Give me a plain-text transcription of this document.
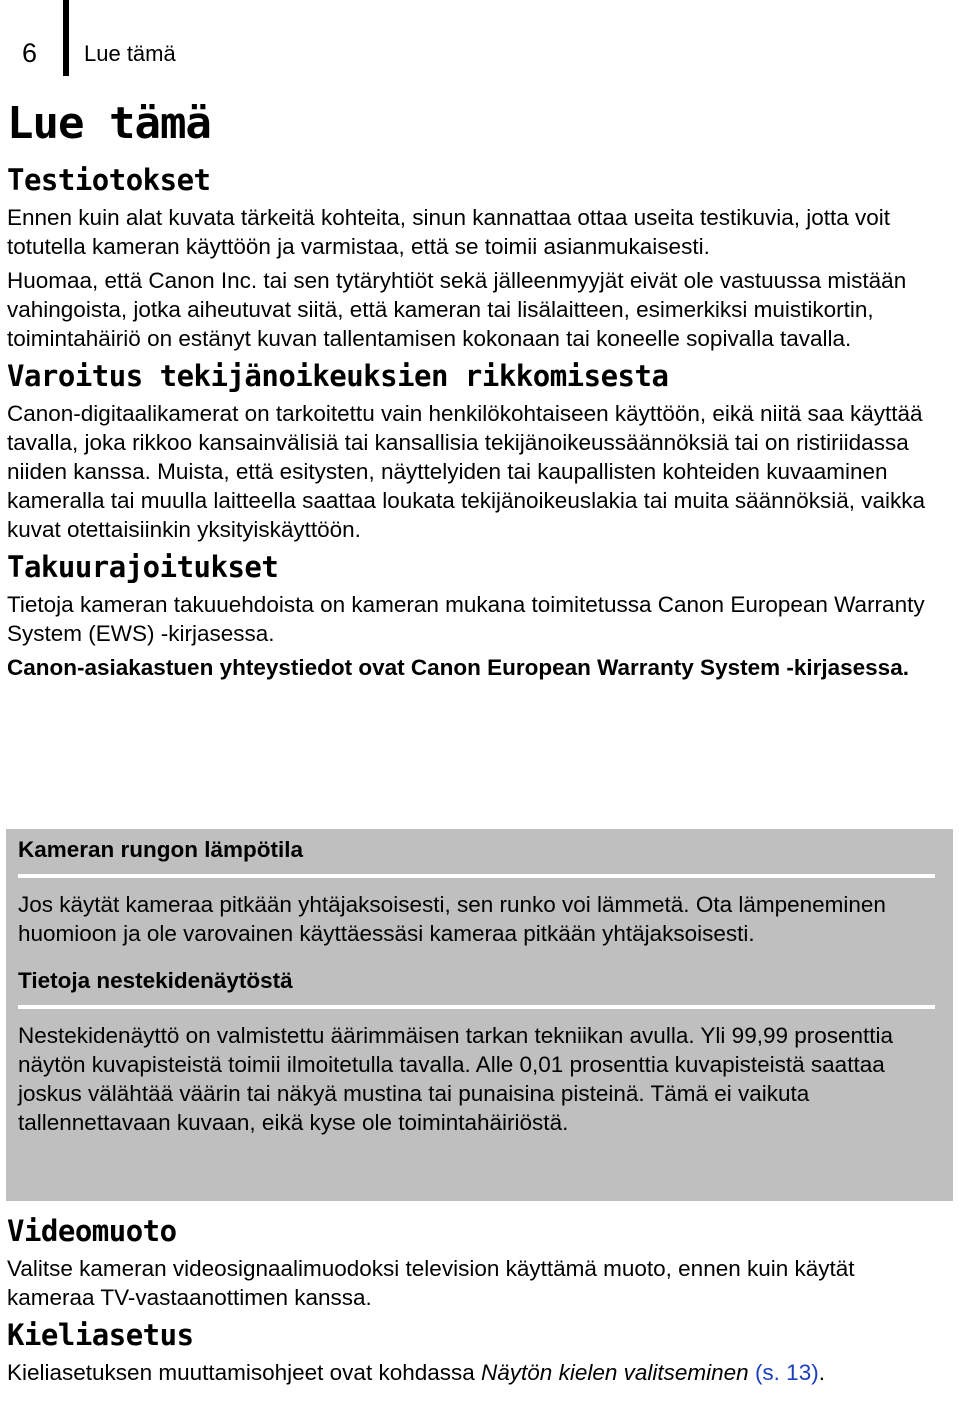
6 Lue tämä
Lue tämä
Testiotokset

Ennen kuin alat kuvata tärkeitä kohteita, sinun kannattaa ottaa useita testikuvia, jotta voit totutella kameran käyttöön ja varmistaa, että se toimii asianmukaisesti.

Huomaa, että Canon Inc. tai sen tytäryhtiöt sekä jälleenmyyjät eivät ole vastuussa mistään vahingoista, jotka aiheutuvat siitä, että kameran tai lisälaitteen, esimerkiksi muistikortin, toimintahäiriö on estänyt kuvan tallentamisen kokonaan tai koneelle sopivalla tavalla.

Varoitus tekijänoikeuksien rikkomisesta

Canon-digitaalikamerat on tarkoitettu vain henkilökohtaiseen käyttöön, eikä niitä saa käyttää tavalla, joka rikkoo kansainvälisiä tai kansallisia tekijänoikeussäännöksiä tai on ristiriidassa niiden kanssa. Muista, että esitysten, näyttelyiden tai kaupallisten kohteiden kuvaaminen kameralla tai muulla laitteella saattaa loukata tekijänoikeuslakia tai muita säännöksiä, vaikka kuvat otettaisiinkin yksityiskäyttöön.

Takuurajoitukset

Tietoja kameran takuuehdoista on kameran mukana toimitetussa Canon European Warranty System (EWS) -kirjasessa.

Canon-asiakastuen yhteystiedot ovat Canon European Warranty System -kirjasessa.

Kameran rungon lämpötila
Jos käytät kameraa pitkään yhtäjaksoisesti, sen runko voi lämmetä. Ota lämpeneminen huomioon ja ole varovainen käyttäessäsi kameraa pitkään yhtäjaksoisesti.
Tietoja nestekidenäytöstä
Nestekidenäyttö on valmistettu äärimmäisen tarkan tekniikan avulla. Yli 99,99 prosenttia näytön kuvapisteistä toimii ilmoitetulla tavalla. Alle 0,01 prosenttia kuvapisteistä saattaa joskus välähtää väärin tai näkyä mustina tai punaisina pisteinä. Tämä ei vaikuta tallennettavaan kuvaan, eikä kyse ole toimintahäiriöstä.
Videomuoto

Valitse kameran videosignaalimuodoksi television käyttämä muoto, ennen kuin käytät kameraa TV-vastaanottimen kanssa.

Kieliasetus

Kieliasetuksen muuttamisohjeet ovat kohdassa Näytön kielen valitseminen (s. 13).
